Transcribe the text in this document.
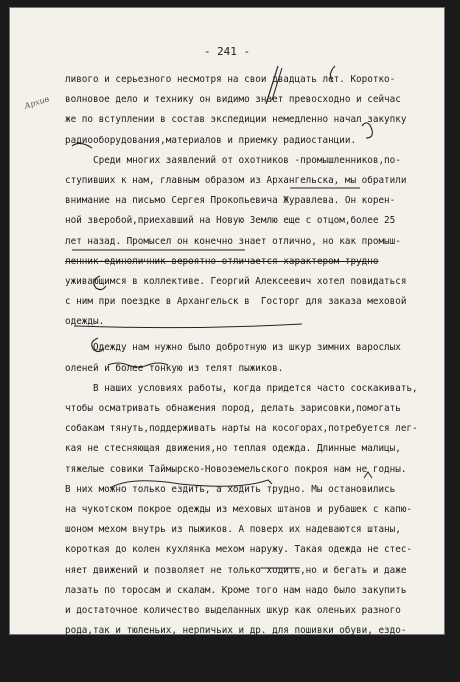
- 241 -
Архив
ливого и серьезного несмотря на свои двадцать лет. Коротко-
волновое дело и технику он видимо знает превосходно и сейчас
же по вступлении в состав экспедиции немедленно начал закупку
радиооборудования,материалов и приемку радиостанции.
Среди многих заявлений от охотников -промышленников,по-
ступивших к нам, главным образом из Архангельска, мы обратили
внимание на письмо Сергея Прокопьевича Журавлева. Он корен-
ной зверобой,приехавший на Новую Землю еще с отцом,более 25
лет назад. Промысел он конечно знает отлично, но как промыш-
ленник-единоличник вероятно отличается характером трудно
уживающимся в коллективе. Георгий Алексеевич хотел повидаться
с ним при поездке в Архангельск в  Госторг для заказа меховой
одежды.
Одежду нам нужно было добротную из шкур зимних варослых
оленей и более тонкую из телят пыжиков.
В наших условиях работы, когда придется часто соскакивать,
чтобы осматривать обнажения пород, делать зарисовки,помогать
собакам тянуть,поддерживать нарты на косогорах,потребуется лег-
кая не стесняющая движения,но теплая одежда. Длинные малицы,
тяжелые совики Таймырско-Новоземельского покроя нам не годны.
В них можно только ездить, а ходить трудно. Мы остановились
на чукотском покрое одежды из меховых штанов и рубашек с капю-
шоном мехом внутрь из пыжиков. А поверх их надеваются штаны,
короткая до колен кухлянка мехом наружу. Такая одежда не стес-
няет движений и позволяет не только ходить,но и бегать и даже
лазать по торосам и скалам. Кроме того нам надо было закупить
и достаточное количество выделанных шкур как оленьих разного
рода,так и тюленьих, нерпичьих и др. для пошивки обуви, ездо-
вой сбруи и др.
В Архангельске надо было заказать также дом и достаточное
